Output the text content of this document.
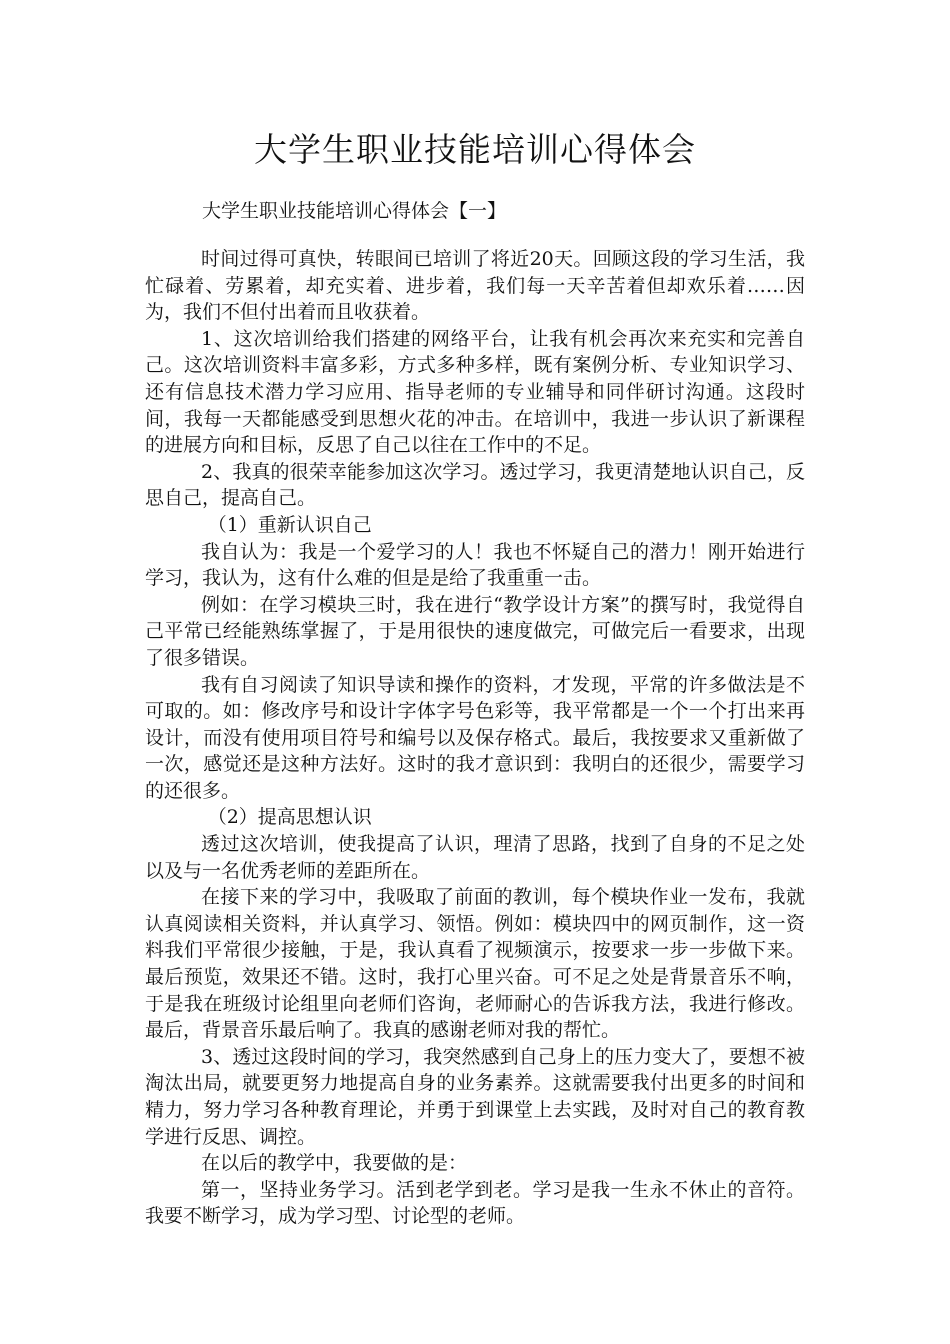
大学生职业技能培训心得体会
大学生职业技能培训心得体会【一】

时间过得可真快，转眼间已培训了将近20天。回顾这段的学习生活，我忙碌着、劳累着，却充实着、进步着，我们每一天辛苦着但却欢乐着……因为，我们不但付出着而且收获着。

1、这次培训给我们搭建的网络平台，让我有机会再次来充实和完善自己。这次培训资料丰富多彩，方式多种多样，既有案例分析、专业知识学习、还有信息技术潜力学习应用、指导老师的专业辅导和同伴研讨沟通。这段时间，我每一天都能感受到思想火花的冲击。在培训中，我进一步认识了新课程的进展方向和目标，反思了自己以往在工作中的不足。

2、我真的很荣幸能参加这次学习。透过学习，我更清楚地认识自己，反思自己，提高自己。

（1）重新认识自己

我自认为：我是一个爱学习的人！我也不怀疑自己的潜力！刚开始进行学习，我认为，这有什么难的但是是给了我重重一击。

例如：在学习模块三时，我在进行“教学设计方案”的撰写时，我觉得自己平常已经能熟练掌握了，于是用很快的速度做完，可做完后一看要求，出现了很多错误。

我有自习阅读了知识导读和操作的资料，才发现，平常的许多做法是不可取的。如：修改序号和设计字体字号色彩等，我平常都是一个一个打出来再设计，而没有使用项目符号和编号以及保存格式。最后，我按要求又重新做了一次，感觉还是这种方法好。这时的我才意识到：我明白的还很少，需要学习的还很多。

（2）提高思想认识

透过这次培训，使我提高了认识，理清了思路，找到了自身的不足之处以及与一名优秀老师的差距所在。

在接下来的学习中，我吸取了前面的教训，每个模块作业一发布，我就认真阅读相关资料，并认真学习、领悟。例如：模块四中的网页制作，这一资料我们平常很少接触，于是，我认真看了视频演示，按要求一步一步做下来。最后预览，效果还不错。这时，我打心里兴奋。可不足之处是背景音乐不响，于是我在班级讨论组里向老师们咨询，老师耐心的告诉我方法，我进行修改。最后，背景音乐最后响了。我真的感谢老师对我的帮忙。

3、透过这段时间的学习，我突然感到自己身上的压力变大了，要想不被淘汰出局，就要更努力地提高自身的业务素养。这就需要我付出更多的时间和精力，努力学习各种教育理论，并勇于到课堂上去实践，及时对自己的教育教学进行反思、调控。

在以后的教学中，我要做的是：

第一，坚持业务学习。活到老学到老。学习是我一生永不休止的音符。我要不断学习，成为学习型、讨论型的老师。
